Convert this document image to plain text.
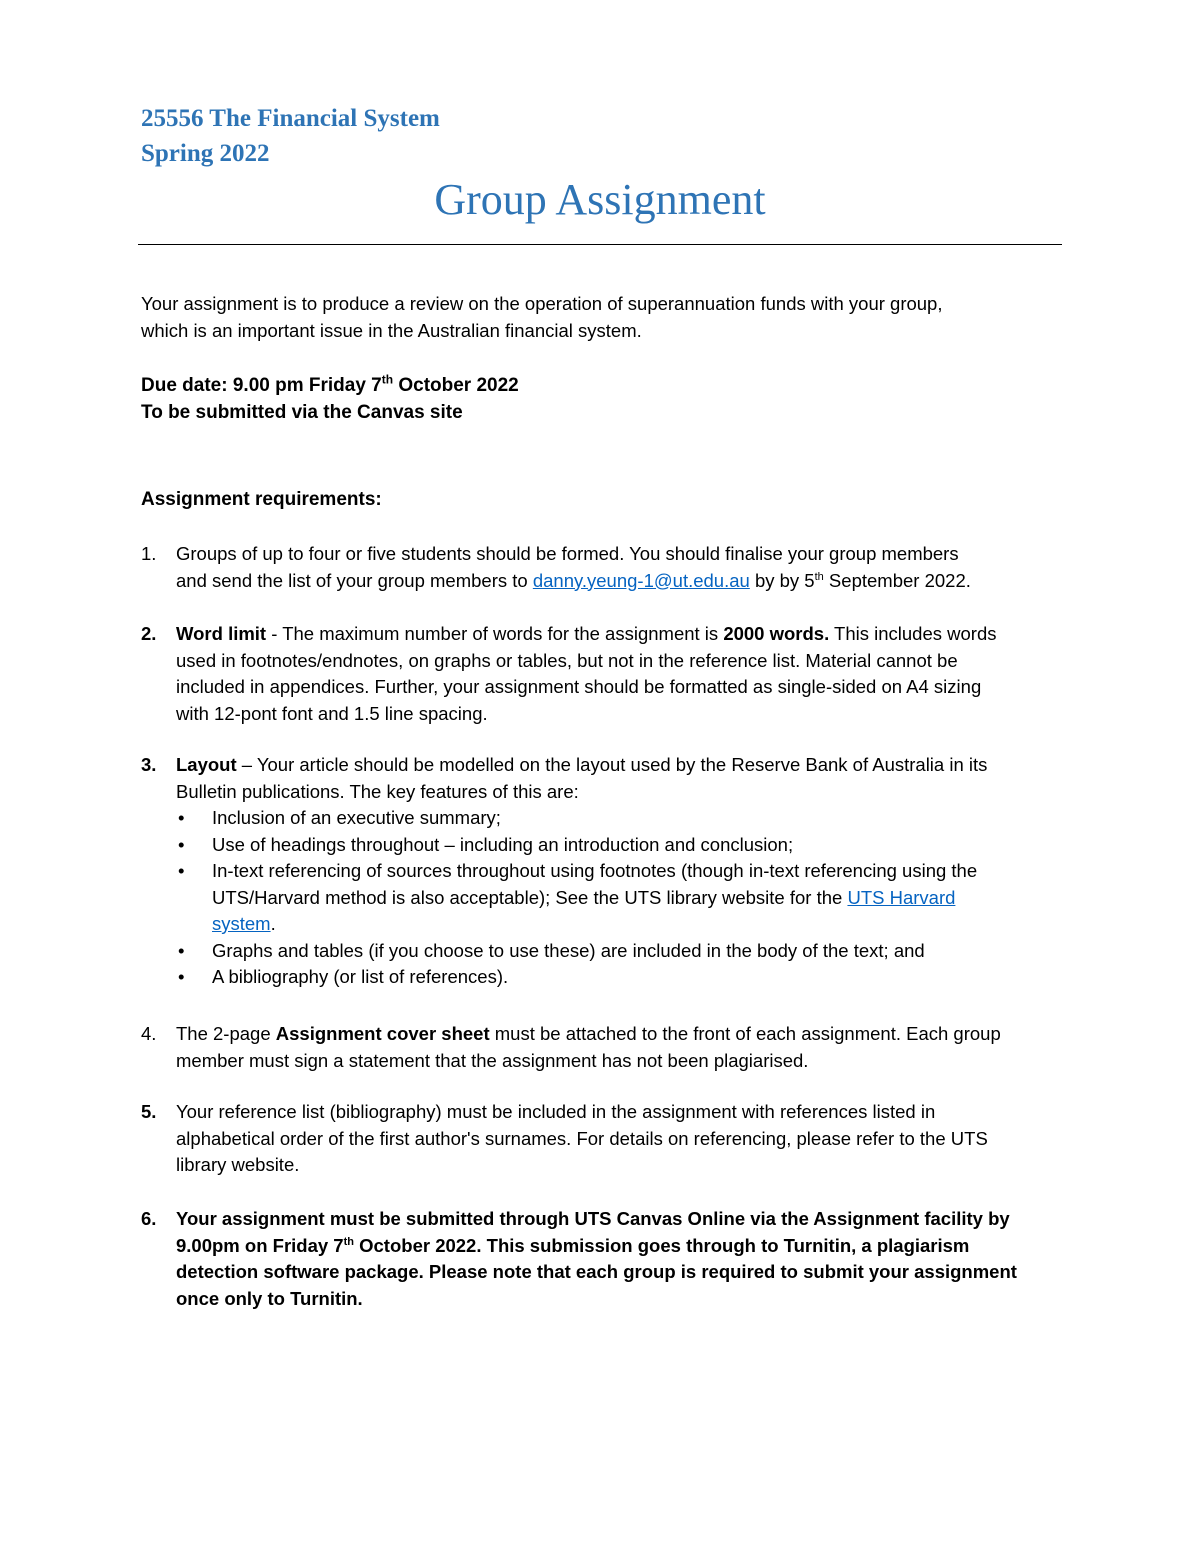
25556 The Financial System
Spring 2022
Group Assignment
Your assignment is to produce a review on the operation of superannuation funds with your group,
which is an important issue in the Australian financial system.
Due date: 9.00 pm Friday 7th October 2022
To be submitted via the Canvas site
Assignment requirements:
1.	Groups of up to four or five students should be formed. You should finalise your group members
and send the list of your group members to danny.yeung-1@ut.edu.au by by 5th September 2022.
2.	Word limit - The maximum number of words for the assignment is 2000 words. This includes words
used in footnotes/endnotes, on graphs or tables, but not in the reference list. Material cannot be
included in appendices. Further, your assignment should be formatted as single-sided on A4 sizing
with 12-pont font and 1.5 line spacing.
3.	Layout – Your article should be modelled on the layout used by the Reserve Bank of Australia in its
Bulletin publications. The key features of this are:
• Inclusion of an executive summary;
• Use of headings throughout – including an introduction and conclusion;
• In-text referencing of sources throughout using footnotes (though in-text referencing using the
UTS/Harvard method is also acceptable); See the UTS library website for the UTS Harvard
system.
• Graphs and tables (if you choose to use these) are included in the body of the text; and
• A bibliography (or list of references).
4.	The 2-page Assignment cover sheet must be attached to the front of each assignment. Each group
member must sign a statement that the assignment has not been plagiarised.
5.	Your reference list (bibliography) must be included in the assignment with references listed in
alphabetical order of the first author's surnames. For details on referencing, please refer to the UTS
library website.
6.	Your assignment must be submitted through UTS Canvas Online via the Assignment facility by
9.00pm on Friday 7th October 2022. This submission goes through to Turnitin, a plagiarism
detection software package. Please note that each group is required to submit your assignment
once only to Turnitin.
